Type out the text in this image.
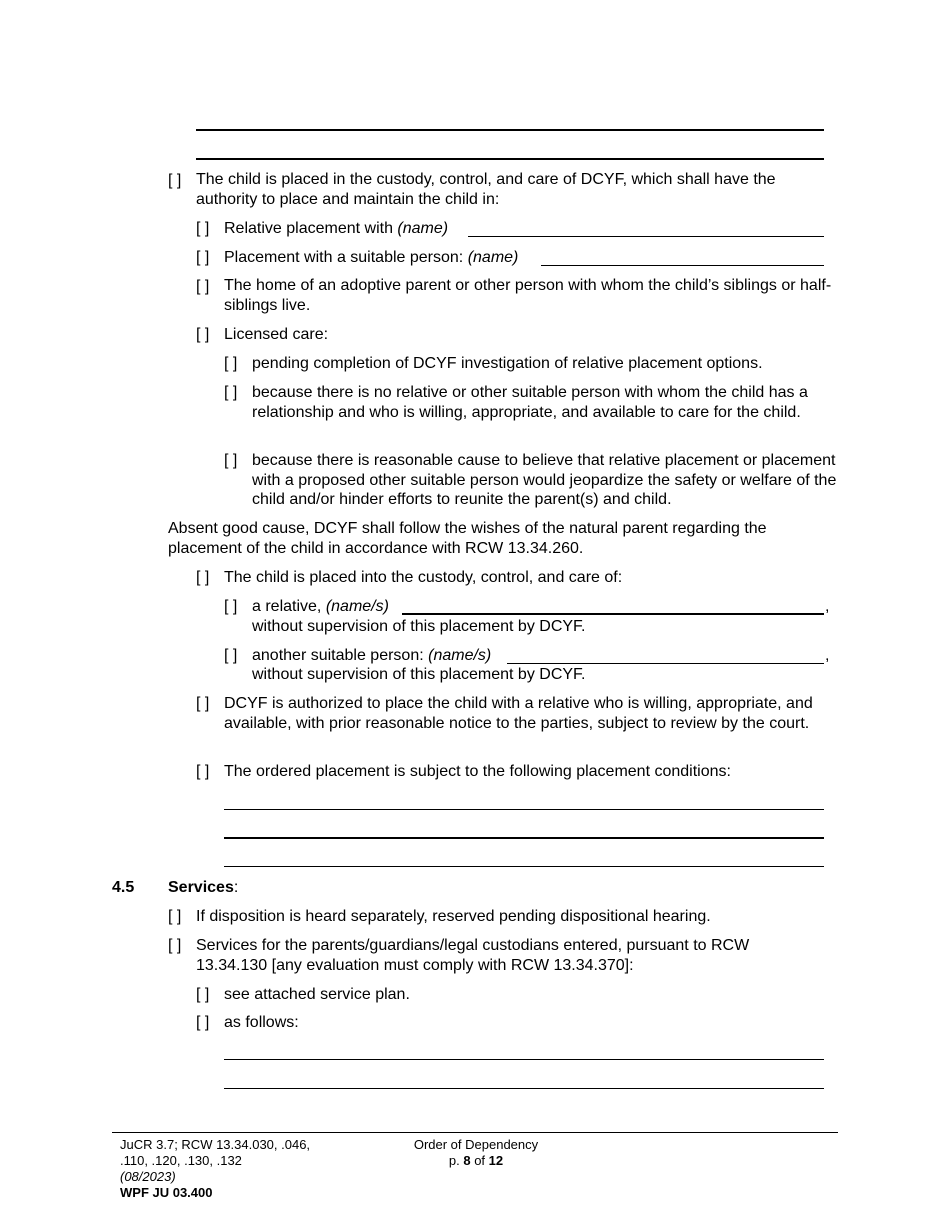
[ ] The child is placed in the custody, control, and care of DCYF, which shall have the authority to place and maintain the child in:
[ ] Relative placement with (name)
[ ] Placement with a suitable person: (name)
[ ] The home of an adoptive parent or other person with whom the child’s siblings or half-siblings live.
[ ] Licensed care:
[ ] pending completion of DCYF investigation of relative placement options.
[ ] because there is no relative or other suitable person with whom the child has a relationship and who is willing, appropriate, and available to care for the child.
[ ] because there is reasonable cause to believe that relative placement or placement with a proposed other suitable person would jeopardize the safety or welfare of the child and/or hinder efforts to reunite the parent(s) and child.
Absent good cause, DCYF shall follow the wishes of the natural parent regarding the placement of the child in accordance with RCW 13.34.260.
[ ] The child is placed into the custody, control, and care of:
[ ] a relative, (name/s)	,
without supervision of this placement by DCYF.
[ ] another suitable person: (name/s)	,
without supervision of this placement by DCYF.
[ ] DCYF is authorized to place the child with a relative who is willing, appropriate, and available, with prior reasonable notice to the parties, subject to review by the court.
[ ] The ordered placement is subject to the following placement conditions:
4.5 Services:
[ ] If disposition is heard separately, reserved pending dispositional hearing.
[ ] Services for the parents/guardians/legal custodians entered, pursuant to RCW 13.34.130 [any evaluation must comply with RCW 13.34.370]:
[ ] see attached service plan.
[ ] as follows:
JuCR 3.7; RCW 13.34.030, .046,
.110, .120, .130, .132
(08/2023)
WPF JU 03.400
Order of Dependency
p. 8 of 12
